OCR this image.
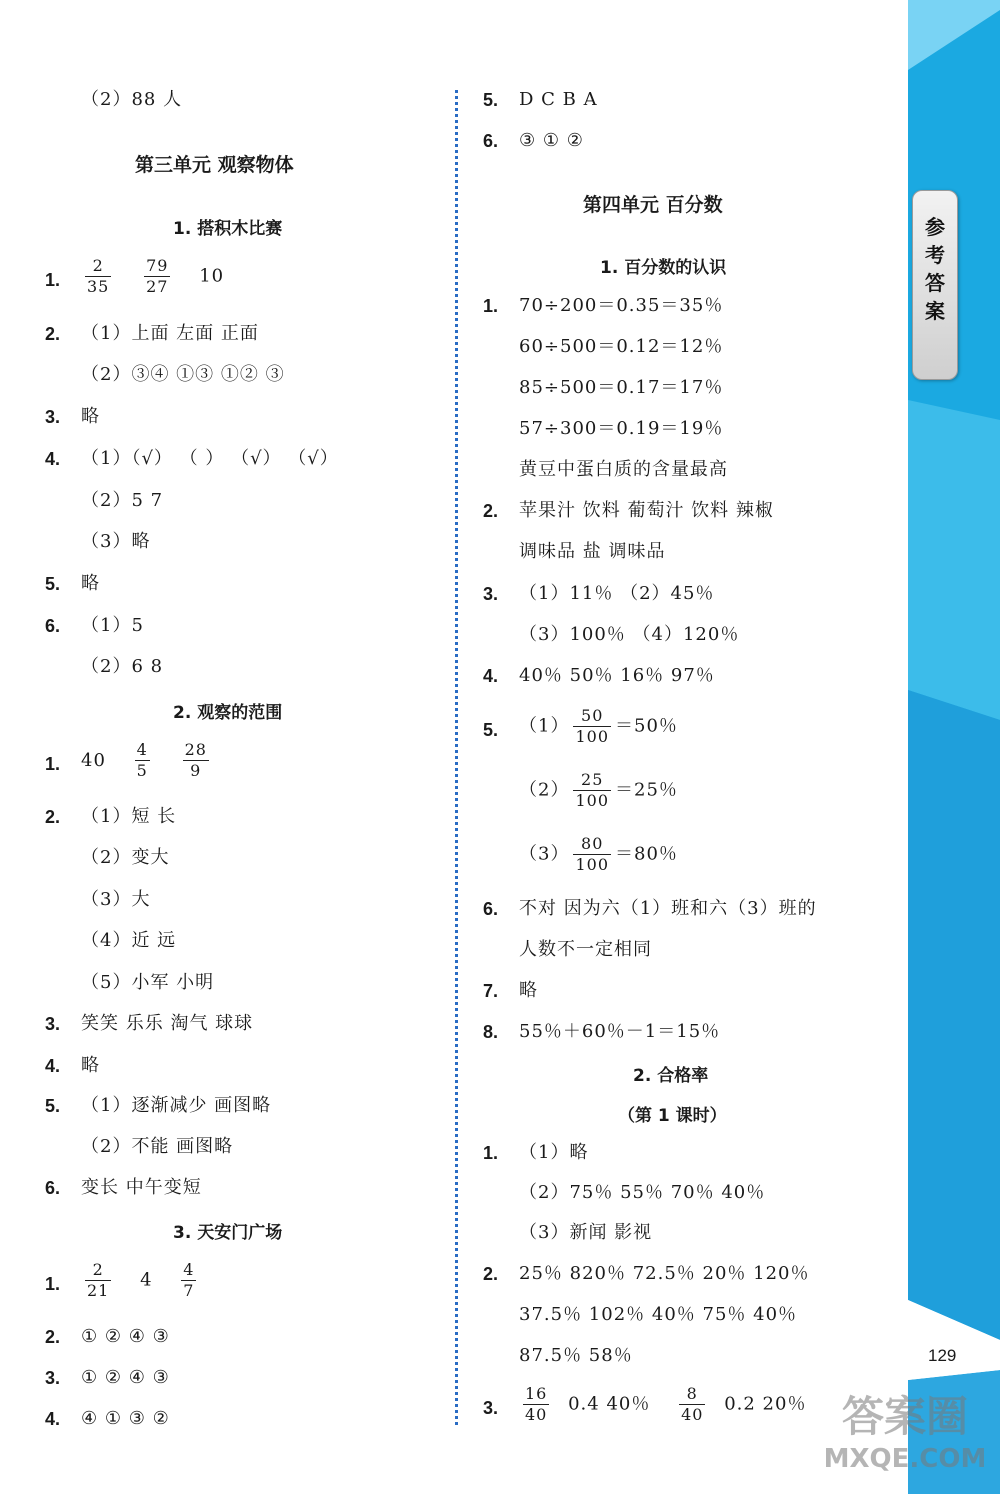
参考答案
129
（2）88 人
第三单元 观察物体
1. 搭积木比赛
1. $\frac{2}{35}$
$\frac{79}{27} 10$
2. （1）上面 左面 正面
（2）③④ ①③ ①② ③
3. 略
4. （1）（√） （ ） （√） （√）
（2）5 7
（3）略
5. 略
6. （1）5
（2）6 8
2. 观察的范围
1. $40 \frac{4}{5}$
$\frac{28}{9}$
2. （1）短 长
（2）变大
（3）大
（4）近 远
（5）小军 小明
3. 笑笑 乐乐 淘气 球球
4. 略
5. （1）逐渐减少 画图略
（2）不能 画图略
6. 变长 中午变短
3. 天安门广场
1. $\frac{2}{21} 4 \frac{4}{7}$
2. ① ② ④ ③
3. ① ② ④ ③
4. ④ ① ③ ②
5. D C B A
6. ③ ① ②
第四单元 百分数
1. 百分数的认识
1. 70÷200＝0.35＝35％
60÷500＝0.12＝12％
85÷500＝0.17＝17％
57÷300＝0.19＝19％
黄豆中蛋白质的含量最高
2. 苹果汁 饮料 葡萄汁 饮料 辣椒
调味品 盐 调味品
3. （1）11％ （2）45％
（3）100％ （4）120％
4. 40％ 50％ 16％ 97％
5. $(1) \frac{50}{100} =50$％
$(2) \frac{25}{100} =25$％
$(3) \frac{80}{100} =80$％
6. 不对 因为六（1）班和六（3）班的
人数不一定相同
7. 略
8. 55％＋60％－1＝15％
2. 合格率
（第 1 课时）
1. （1）略
（2）75％ 55％ 70％ 40％
（3）新闻 影视
2. 25％ 820％ 72.5％ 20％ 120％
37.5％ 102％ 40％ 75％ 40％
87.5％ 58％
3. $\frac{16}{40} 0.4$ 40％ $\frac{8}{40} 0.2$ 20％ 答案圈
MXQE.COM
